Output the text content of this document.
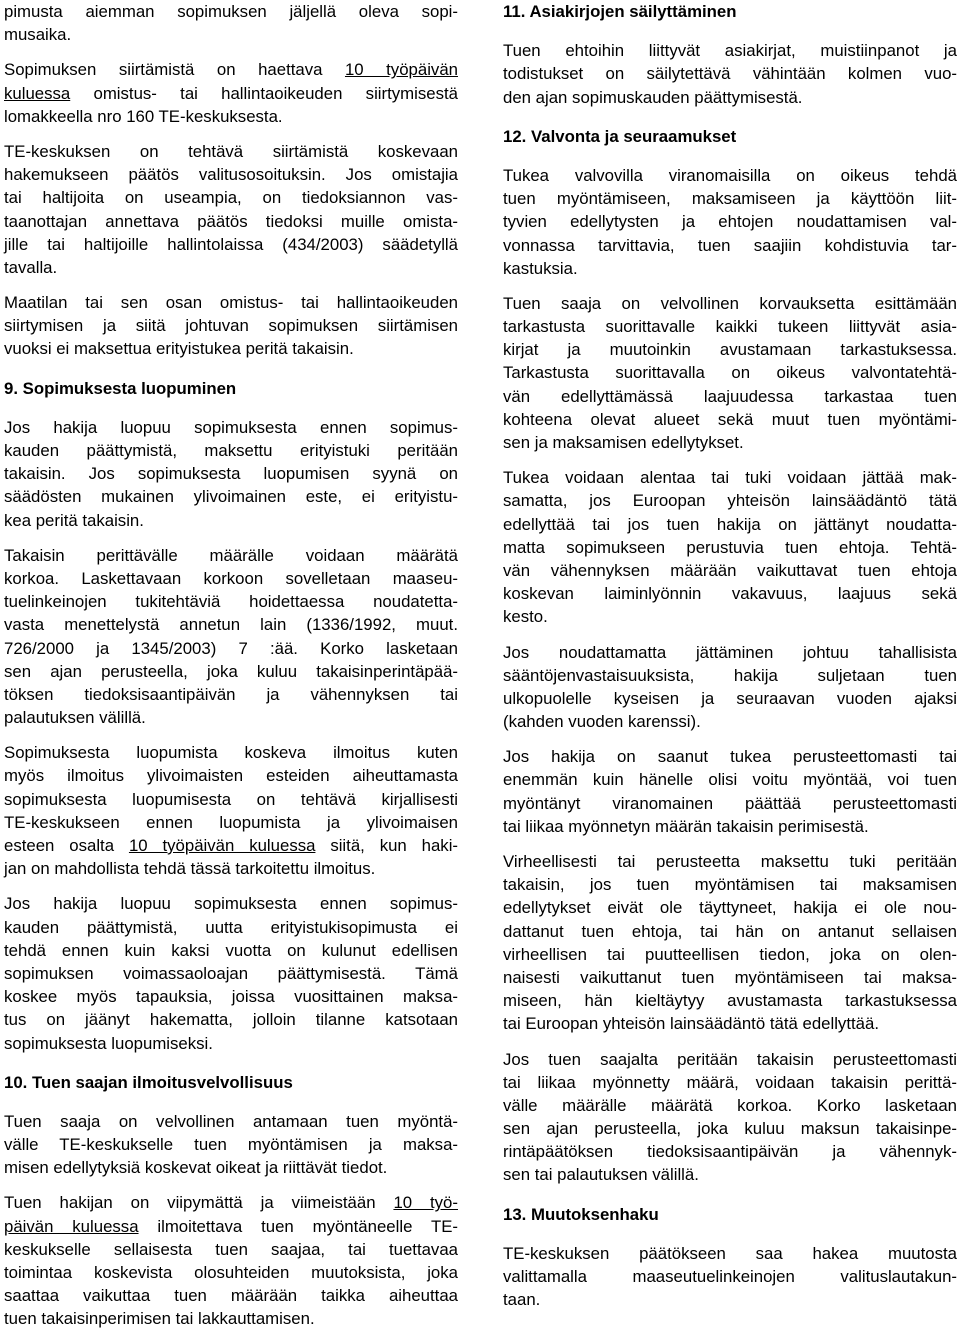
pimusta aiemman sopimuksen jäljellä oleva sopi-
musaika.
Sopimuksen siirtämistä on haettava 10 työpäivän
kuluessa omistus- tai hallintaoikeuden siirtymisestä
lomakkeella nro 160 TE-keskuksesta.
TE-keskuksen on tehtävä siirtämistä koskevaan
hakemukseen päätös valitusosoituksin. Jos omistajia
tai haltijoita on useampia, on tiedoksiannon vas-
taanottajan annettava päätös tiedoksi muille omista-
jille tai haltijoille hallintolaissa (434/2003) säädetyllä
tavalla.
Maatilan tai sen osan omistus- tai hallintaoikeuden
siirtymisen ja siitä johtuvan sopimuksen siirtämisen
vuoksi ei maksettua erityistukea peritä takaisin.
9. Sopimuksesta luopuminen
Jos hakija luopuu sopimuksesta ennen sopimus-
kauden päättymistä, maksettu erityistuki peritään
takaisin. Jos sopimuksesta luopumisen syynä on
säädösten mukainen ylivoimainen este, ei erityistu-
kea peritä takaisin.
Takaisin perittävälle määrälle voidaan määrätä
korkoa. Laskettavaan korkoon sovelletaan maaseu-
tuelinkeinojen tukitehtäviä hoidettaessa noudatetta-
vasta menettelystä annetun lain (1336/1992, muut.
726/2000 ja 1345/2003) 7 :ää. Korko lasketaan
sen ajan perusteella, joka kuluu takaisinperintäpää-
töksen tiedoksisaantipäivän ja vähennyksen tai
palautuksen välillä.
Sopimuksesta luopumista koskeva ilmoitus kuten
myös ilmoitus ylivoimaisten esteiden aiheuttamasta
sopimuksesta luopumisesta on tehtävä kirjallisesti
TE-keskukseen ennen luopumista ja ylivoimaisen
esteen osalta 10 työpäivän kuluessa siitä, kun haki-
jan on mahdollista tehdä tässä tarkoitettu ilmoitus.
Jos hakija luopuu sopimuksesta ennen sopimus-
kauden päättymistä, uutta erityistukisopimusta ei
tehdä ennen kuin kaksi vuotta on kulunut edellisen
sopimuksen voimassaoloajan päättymisestä. Tämä
koskee myös tapauksia, joissa vuosittainen maksa-
tus on jäänyt hakematta, jolloin tilanne katsotaan
sopimuksesta luopumiseksi.
10. Tuen saajan ilmoitusvelvollisuus
Tuen saaja on velvollinen antamaan tuen myöntä-
välle TE-keskukselle tuen myöntämisen ja maksa-
misen edellytyksiä koskevat oikeat ja riittävät tiedot.
Tuen hakijan on viipymättä ja viimeistään 10 työ-
päivän kuluessa ilmoitettava tuen myöntäneelle TE-
keskukselle sellaisesta tuen saajaa, tai tuettavaa
toimintaa koskevista olosuhteiden muutoksista, joka
saattaa vaikuttaa tuen määrään taikka aiheuttaa
tuen takaisinperimisen tai lakkauttamisen.
11. Asiakirjojen säilyttäminen
Tuen ehtoihin liittyvät asiakirjat, muistiinpanot ja
todistukset on säilytettävä vähintään kolmen vuo-
den ajan sopimuskauden päättymisestä.
12. Valvonta ja seuraamukset
Tukea valvovilla viranomaisilla on oikeus tehdä
tuen myöntämiseen, maksamiseen ja käyttöön liit-
tyvien edellytysten ja ehtojen noudattamisen val-
vonnassa tarvittavia, tuen saajiin kohdistuvia tar-
kastuksia.
Tuen saaja on velvollinen korvauksetta esittämään
tarkastusta suorittavalle kaikki tukeen liittyvät asia-
kirjat ja muutoinkin avustamaan tarkastuksessa.
Tarkastusta suorittavalla on oikeus valvontatehtä-
vän edellyttämässä laajuudessa tarkastaa tuen
kohteena olevat alueet sekä muut tuen myöntämi-
sen ja maksamisen edellytykset.
Tukea voidaan alentaa tai tuki voidaan jättää mak-
samatta, jos Euroopan yhteisön lainsäädäntö tätä
edellyttää tai jos tuen hakija on jättänyt noudatta-
matta sopimukseen perustuvia tuen ehtoja. Tehtä-
vän vähennyksen määrään vaikuttavat tuen ehtoja
koskevan laiminlyönnin vakavuus, laajuus sekä
kesto.
Jos noudattamatta jättäminen johtuu tahallisista
sääntöjenvastaisuuksista, hakija suljetaan tuen
ulkopuolelle kyseisen ja seuraavan vuoden ajaksi
(kahden vuoden karenssi).
Jos hakija on saanut tukea perusteettomasti tai
enemmän kuin hänelle olisi voitu myöntää, voi tuen
myöntänyt viranomainen päättää perusteettomasti
tai liikaa myönnetyn määrän takaisin perimisestä.
Virheellisesti tai perusteetta maksettu tuki peritään
takaisin, jos tuen myöntämisen tai maksamisen
edellytykset eivät ole täyttyneet, hakija ei ole nou-
dattanut tuen ehtoja, tai hän on antanut sellaisen
virheellisen tai puutteellisen tiedon, joka on olen-
naisesti vaikuttanut tuen myöntämiseen tai maksa-
miseen, hän kieltäytyy avustamasta tarkastuksessa
tai Euroopan yhteisön lainsäädäntö tätä edellyttää.
Jos tuen saajalta peritään takaisin perusteettomasti
tai liikaa myönnetty määrä, voidaan takaisin perittä-
välle määrälle määrätä korkoa. Korko lasketaan
sen ajan perusteella, joka kuluu maksun takaisinpe-
rintäpäätöksen tiedoksisaantipäivän ja vähennyk-
sen tai palautuksen välillä.
13. Muutoksenhaku
TE-keskuksen päätökseen saa hakea muutosta
valittamalla maaseutuelinkeinojen valituslautakun-
taan.
